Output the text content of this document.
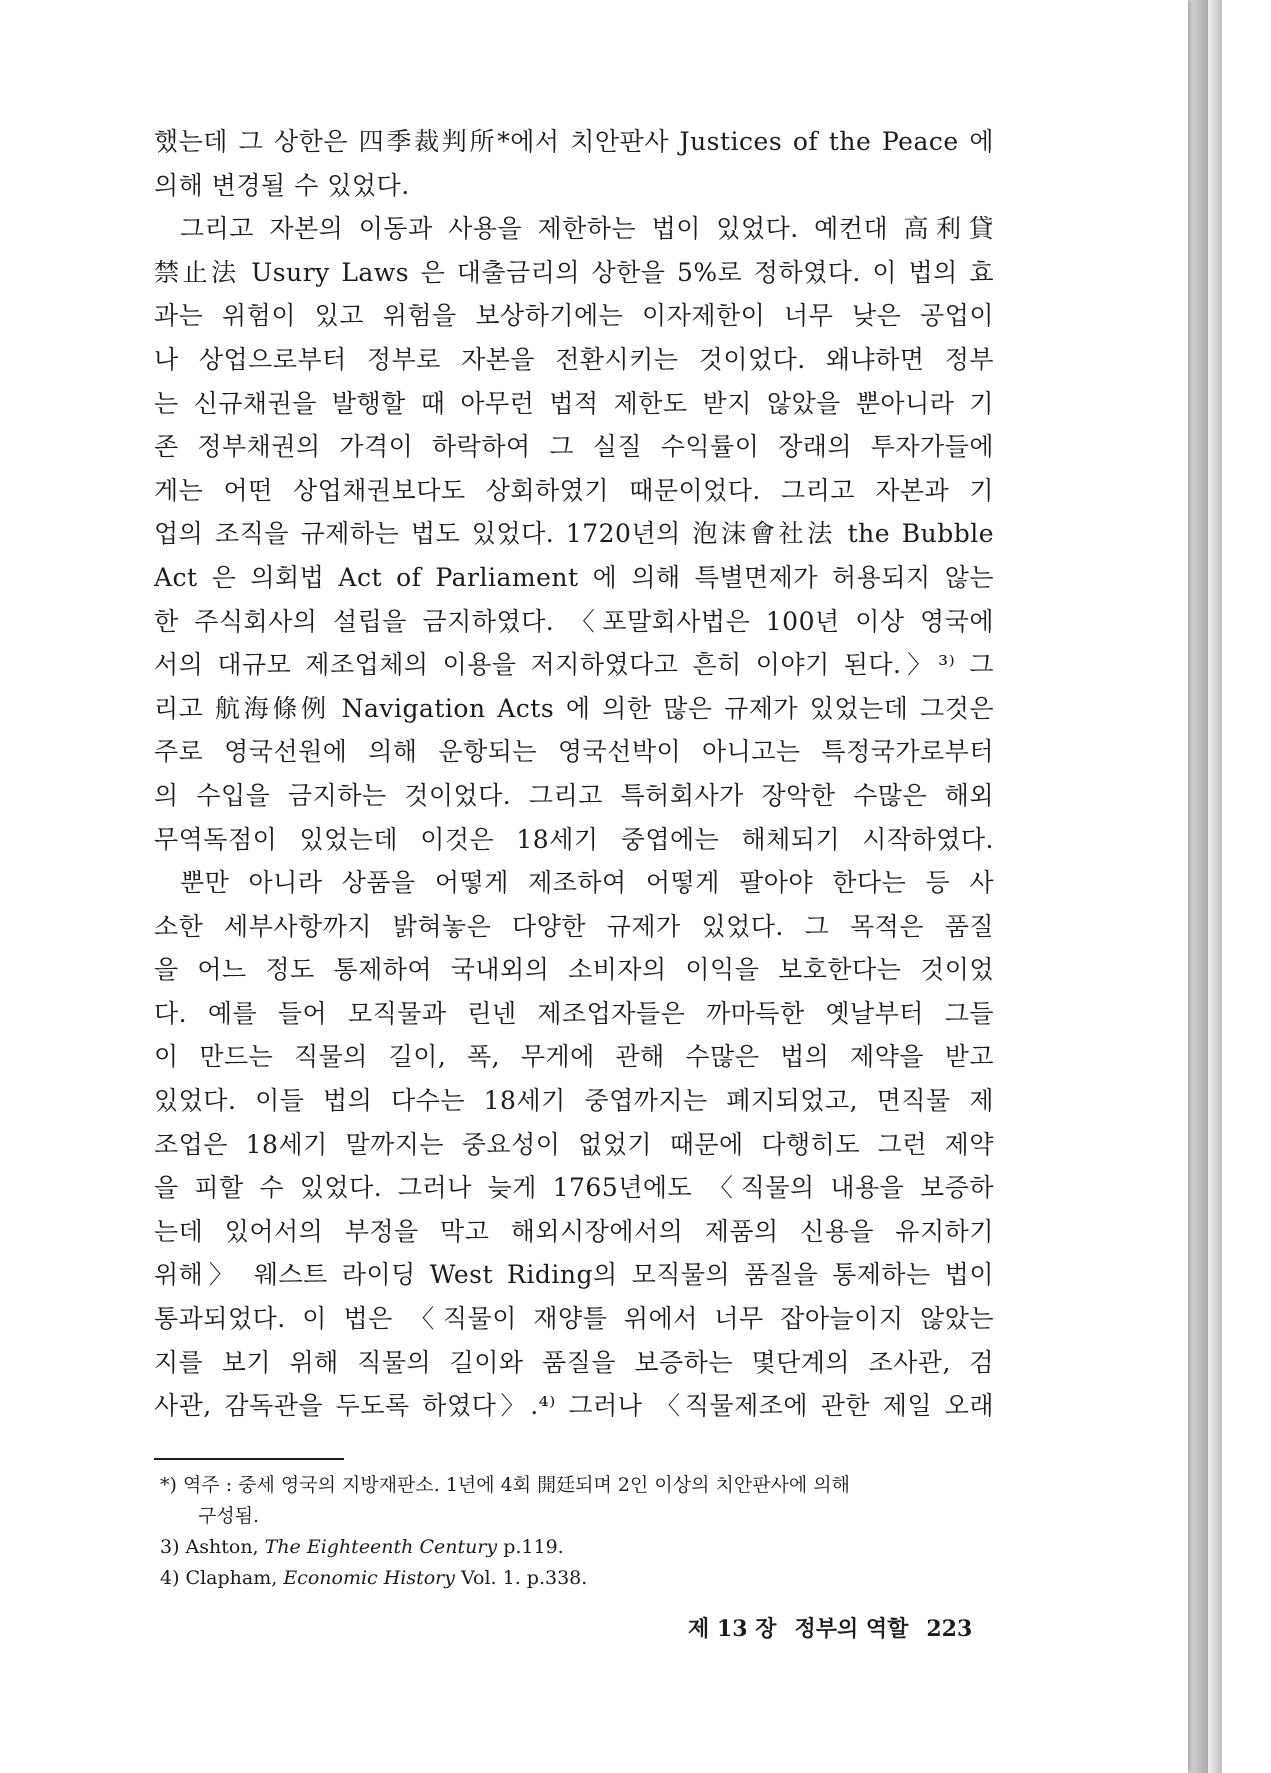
했는데 그 상한은 四季裁判所*에서 치안판사 Justices of the Peace 에
의해 변경될 수 있었다.
그리고 자본의 이동과 사용을 제한하는 법이 있었다. 예컨대 高利貸
禁止法 Usury Laws 은 대출금리의 상한을 5%로 정하였다. 이 법의 효
과는 위험이 있고 위험을 보상하기에는 이자제한이 너무 낮은 공업이
나 상업으로부터 정부로 자본을 전환시키는 것이었다. 왜냐하면 정부
는 신규채권을 발행할 때 아무런 법적 제한도 받지 않았을 뿐아니라 기
존 정부채권의 가격이 하락하여 그 실질 수익률이 장래의 투자가들에
게는 어떤 상업채권보다도 상회하였기 때문이었다. 그리고 자본과 기
업의 조직을 규제하는 법도 있었다. 1720년의 泡沫會社法 the Bubble
Act 은 의회법 Act of Parliament 에 의해 특별면제가 허용되지 않는
한 주식회사의 설립을 금지하였다. 〈포말회사법은 100년 이상 영국에
서의 대규모 제조업체의 이용을 저지하였다고 흔히 이야기 된다.〉³⁾ 그
리고 航海條例 Navigation Acts 에 의한 많은 규제가 있었는데 그것은
주로 영국선원에 의해 운항되는 영국선박이 아니고는 특정국가로부터
의 수입을 금지하는 것이었다. 그리고 특허회사가 장악한 수많은 해외
무역독점이 있었는데 이것은 18세기 중엽에는 해체되기 시작하였다.
뿐만 아니라 상품을 어떻게 제조하여 어떻게 팔아야 한다는 등 사
소한 세부사항까지 밝혀놓은 다양한 규제가 있었다. 그 목적은 품질
을 어느 정도 통제하여 국내외의 소비자의 이익을 보호한다는 것이었
다. 예를 들어 모직물과 린넨 제조업자들은 까마득한 옛날부터 그들
이 만드는 직물의 길이, 폭, 무게에 관해 수많은 법의 제약을 받고
있었다. 이들 법의 다수는 18세기 중엽까지는 폐지되었고, 면직물 제
조업은 18세기 말까지는 중요성이 없었기 때문에 다행히도 그런 제약
을 피할 수 있었다. 그러나 늦게 1765년에도 〈직물의 내용을 보증하
는데 있어서의 부정을 막고 해외시장에서의 제품의 신용을 유지하기
위해〉 웨스트 라이딩 West Riding의 모직물의 품질을 통제하는 법이
통과되었다. 이 법은 〈직물이 재양틀 위에서 너무 잡아늘이지 않았는
지를 보기 위해 직물의 길이와 품질을 보증하는 몇단계의 조사관, 검
사관, 감독관을 두도록 하였다〉.⁴⁾ 그러나 〈직물제조에 관한 제일 오래
*) 역주 : 중세 영국의 지방재판소. 1년에 4회 開廷되며 2인 이상의 치안판사에 의해
구성됨.
3) Ashton, The Eighteenth Century p.119.
4) Clapham, Economic History Vol. 1. p.338.
제 13 장 정부의 역할 223
